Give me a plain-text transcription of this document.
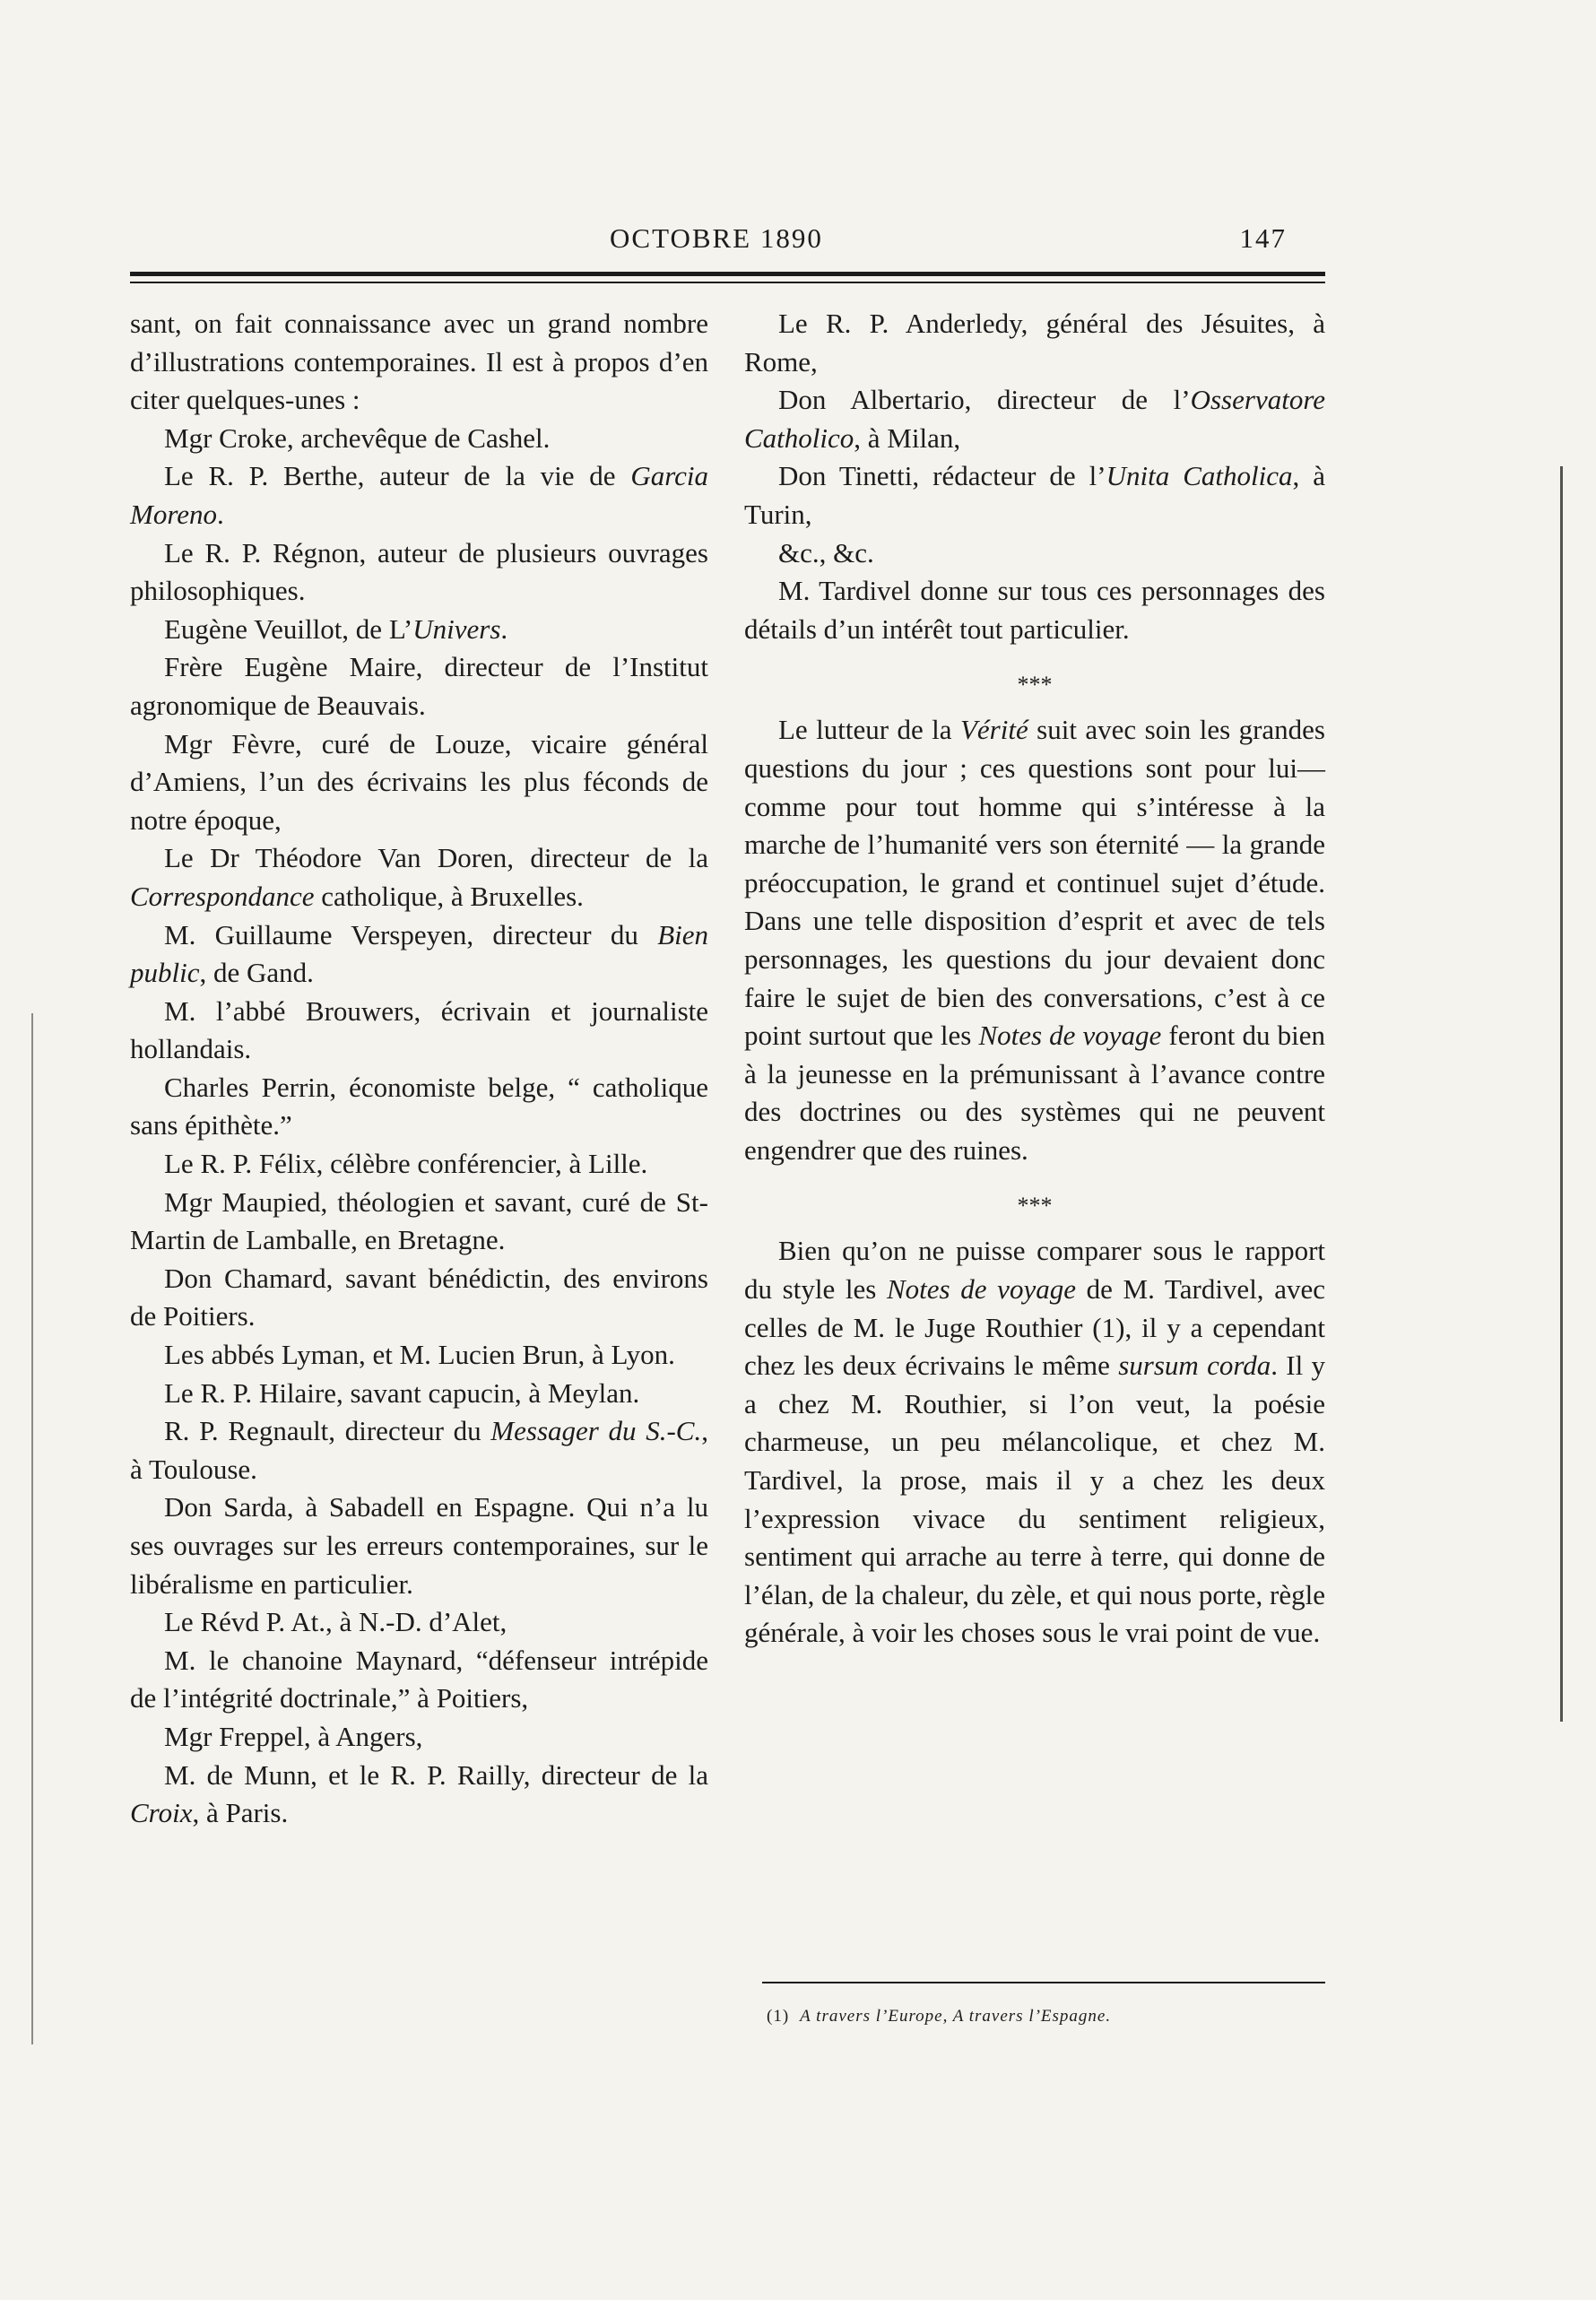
OCTOBRE 1890	147

sant, on fait connaissance avec un grand nombre d’illustrations contemporaines. Il est à propos d’en citer quelques-unes :

Mgr Croke, archevêque de Cashel.

Le R. P. Berthe, auteur de la vie de Garcia Moreno.

Le R. P. Régnon, auteur de plusieurs ouvrages philosophiques.

Eugène Veuillot, de L’Univers.

Frère Eugène Maire, directeur de l’Institut agronomique de Beauvais.

Mgr Fèvre, curé de Louze, vicaire général d’Amiens, l’un des écrivains les plus féconds de notre époque,

Le Dr Théodore Van Doren, directeur de la Correspondance catholique, à Bruxelles.

M. Guillaume Verspeyen, directeur du Bien public, de Gand.

M. l’abbé Brouwers, écrivain et journaliste hollandais.

Charles Perrin, économiste belge, “ catholique sans épithète.”

Le R. P. Félix, célèbre conférencier, à Lille.

Mgr Maupied, théologien et savant, curé de St-Martin de Lamballe, en Bretagne.

Don Chamard, savant bénédictin, des environs de Poitiers.

Les abbés Lyman, et M. Lucien Brun, à Lyon.

Le R. P. Hilaire, savant capucin, à Meylan.

R. P. Regnault, directeur du Messager du S.-C., à Toulouse.

Don Sarda, à Sabadell en Espagne. Qui n’a lu ses ouvrages sur les erreurs contemporaines, sur le libéralisme en particulier.

Le Révd P. At., à N.-D. d’Alet,

M. le chanoine Maynard, “défenseur intrépide de l’intégrité doctrinale,” à Poitiers,

Mgr Freppel, à Angers,

M. de Munn, et le R. P. Railly, directeur de la Croix, à Paris.

Le R. P. Anderledy, général des Jésuites, à Rome,

Don Albertario, directeur de l’Osservatore Catholico, à Milan,

Don Tinetti, rédacteur de l’Unita Catholica, à Turin,

&c., &c.

M. Tardivel donne sur tous ces personnages des détails d’un intérêt tout particulier.

***

Le lutteur de la Vérité suit avec soin les grandes questions du jour ; ces questions sont pour lui—comme pour tout homme qui s’intéresse à la marche de l’humanité vers son éternité — la grande préoccupation, le grand et continuel sujet d’étude. Dans une telle disposition d’esprit et avec de tels personnages, les questions du jour devaient donc faire le sujet de bien des conversations, c’est à ce point surtout que les Notes de voyage feront du bien à la jeunesse en la prémunissant à l’avance contre des doctrines ou des systèmes qui ne peuvent engendrer que des ruines.

***

Bien qu’on ne puisse comparer sous le rapport du style les Notes de voyage de M. Tardivel, avec celles de M. le Juge Routhier (1), il y a cependant chez les deux écrivains le même sursum corda. Il y a chez M. Routhier, si l’on veut, la poésie charmeuse, un peu mélancolique, et chez M. Tardivel, la prose, mais il y a chez les deux l’expression vivace du sentiment religieux, sentiment qui arrache au terre à terre, qui donne de l’élan, de la chaleur, du zèle, et qui nous porte, règle générale, à voir les choses sous le vrai point de vue.

(1) A travers l’Europe, A travers l’Espagne.
